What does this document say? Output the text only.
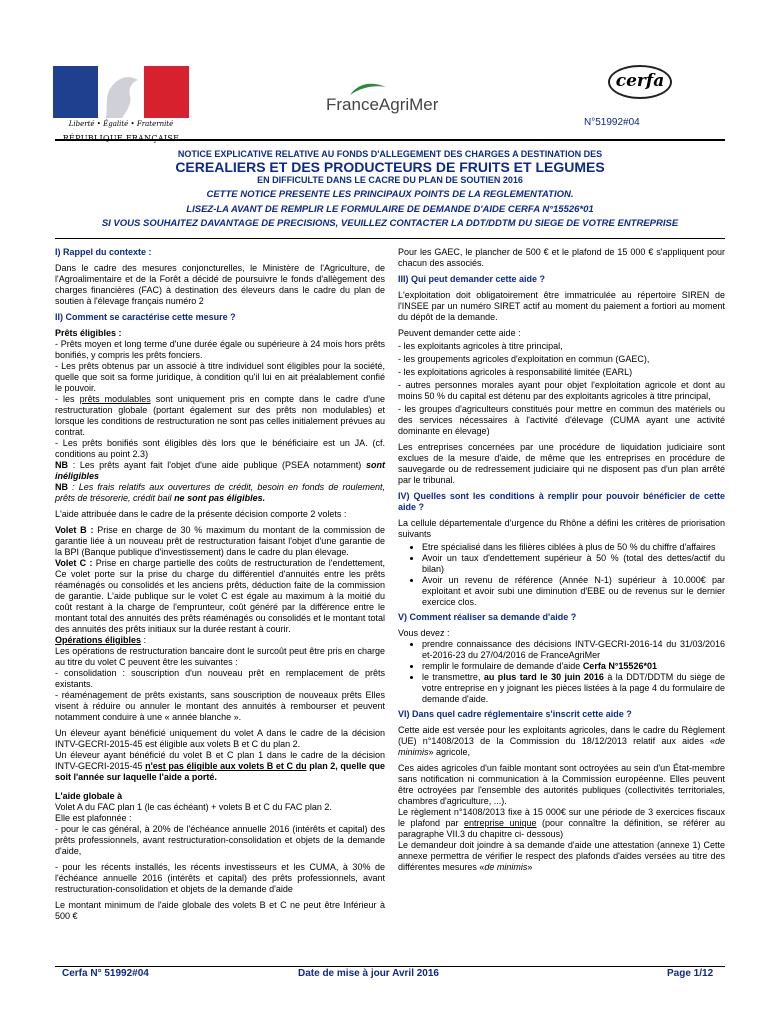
Liberté • Égalité • Fraternité
FranceAgriMer
cerfa
N°51992#04
NOTICE EXPLICATIVE RELATIVE AU FONDS D'ALLEGEMENT DES CHARGES A DESTINATION DES
CEREALIERS ET DES PRODUCTEURS DE FRUITS ET LEGUMES
EN DIFFICULTE DANS LE CACRE DU PLAN DE SOUTIEN 2016
CETTE NOTICE PRESENTE LES PRINCIPAUX POINTS DE LA REGLEMENTATION.
LISEZ-LA AVANT DE REMPLIR LE FORMULAIRE DE DEMANDE D'AIDE CERFA N°15526*01
SI VOUS SOUHAITEZ DAVANTAGE DE PRECISIONS, VEUILLEZ CONTACTER LA DDT/DDTM DU SIEGE DE VOTRE ENTREPRISE

I) Rappel du contexte :

Dans le cadre des mesures conjoncturelles, le Ministère de l'Agriculture, de l'Agroalimentaire et de la Forêt a décidé de poursuivre le fonds d'allègement des charges financières (FAC) à destination des éleveurs dans le cadre du plan de soutien à l'élevage français numéro 2

II) Comment se caractérise cette mesure ?

Prêts éligibles :

- Prêts moyen et long terme d'une durée égale ou supérieure à 24 mois hors prêts bonifiés, y compris les prêts fonciers.

- Les prêts obtenus par un associé à titre individuel sont éligibles pour la société, quelle que soit sa forme juridique, à condition qu'il lui en ait préalablement confié le pouvoir.

- les prêts modulables sont uniquement pris en compte dans le cadre d'une restructuration globale (portant également sur des prêts non modulables) et lorsque les conditions de restructuration ne sont pas celles initialement prévues au contrat.

- Les prêts bonifiés sont éligibles dès lors que le bénéficiaire est un JA. (cf. conditions au point 2.3)

NB : Les prêts ayant fait l'objet d'une aide publique (PSEA notamment) sont inéligibles

NB : Les frais relatifs aux ouvertures de crédit, besoin en fonds de roulement, prêts de trésorerie, crédit bail ne sont pas éligibles.

L'aide attribuée dans le cadre de la présente décision comporte 2 volets :

Volet B : Prise en charge de 30 % maximum du montant de la commission de garantie liée à un nouveau prêt de restructuration faisant l'objet d'une garantie de la BPI (Banque publique d'investissement) dans le cadre du plan élevage.

Volet C : Prise en charge partielle des coûts de restructuration de l'endettement, Ce volet porte sur la prise du charge du différentiel d'annuités entre les prêts réaménagés ou consolidés et les anciens prêts, déduction faite de la commission de garantie. L'aide publique sur le volet C est égale au maximum à la moitié du coût restant à la charge de l'emprunteur, coût généré par la différence entre le montant total des annuités des prêts réaménagés ou consolidés et le montant total des annuités des prêts initiaux sur la durée restant à courir.

Opérations éligibles :

Les opérations de restructuration bancaire dont le surcoût peut être pris en charge au titre du volet C peuvent être les suivantes :

- consolidation : souscription d'un nouveau prêt en remplacement de prêts existants.

- réaménagement de prêts existants, sans souscription de nouveaux prêts Elles visent à réduire ou annuler le montant des annuités à rembourser et peuvent notamment conduire à une « année blanche ».

Un éleveur ayant bénéficié uniquement du volet A dans le cadre de la décision INTV-GECRI-2015-45 est éligible aux volets B et C du plan 2.

Un éleveur ayant bénéficié du volet B et C plan 1 dans le cadre de la décision INTV-GECRI-2015-45 n'est pas éligible aux volets B et C du plan 2, quelle que soit l'année sur laquelle l'aide a porté.

L'aide globale à

Volet A du FAC plan 1 (le cas échéant) + volets B et C du FAC plan 2.

Elle est plafonnée :

- pour le cas général, à 20% de l'échéance annuelle 2016 (intérêts et capital) des prêts professionnels, avant restructuration-consolidation et objets de la demande d'aide,

- pour les récents installés, les récents investisseurs et les CUMA, à 30% de l'échéance annuelle 2016 (intérêts et capital) des prêts professionnels, avant restructuration-consolidation et objets de la demande d'aide

Le montant minimum de l'aide globale des volets B et C ne peut être Inférieur à 500 €

Pour les GAEC, le plancher de 500 € et le plafond de 15 000 € s'appliquent pour chacun des associés.

III) Qui peut demander cette aide ?

L'exploitation doit obligatoirement être immatriculée au répertoire SIREN de l'INSEE par un numéro SIRET actif au moment du paiement a fortiori au moment du dépôt de la demande.

Peuvent demander cette aide :

- les exploitants agricoles à titre principal,

- les groupements agricoles d'exploitation en commun (GAEC),

- les exploitations agricoles à responsabilité limitée (EARL)

- autres personnes morales ayant pour objet l'exploitation agricole et dont au moins 50 % du capital est détenu par des exploitants agricoles à titre principal,

- les groupes d'agriculteurs constitués pour mettre en commun des matériels ou des services nécessaires à l'activité d'élevage (CUMA ayant une activité dominante en élevage)

Les entreprises concernées par une procédure de liquidation judiciaire sont exclues de la mesure d'aide, de même que les entreprises en procédure de sauvegarde ou de redressement judiciaire qui ne disposent pas d'un plan arrêté par le tribunal.

IV) Quelles sont les conditions à remplir pour pouvoir bénéficier de cette aide ?

La cellule départementale d'urgence du Rhône a défini les critères de priorisation suivants

• Etre spécialisé dans les filières ciblées à plus de 50 % du chiffre d'affaires
• Avoir un taux d'endettement supérieur à 50 % (total des dettes/actif du bilan)
• Avoir un revenu de référence (Année N-1) supérieur à 10.000€ par exploitant et avoir subi une diminution d'EBE ou de revenus sur le dernier exercice clos.

V) Comment réaliser sa demande d'aide ?

Vous devez :

• prendre connaissance des décisions INTV-GECRI-2016-14 du 31/03/2016 et-2016-23 du 27/04/2016 de FranceAgriMer
• remplir le formulaire de demande d'aide Cerfa N°15526*01
• le transmettre, au plus tard le 30 juin 2016 à la DDT/DDTM du siège de votre entreprise en y joignant les pièces listées à la page 4 du formulaire de demande d'aide.

VI) Dans quel cadre réglementaire s'inscrit cette aide ?

Cette aide est versée pour les exploitants agricoles, dans le cadre du Règlement (UE) n°1408/2013 de la Commission du 18/12/2013 relatif aux aides «de minimis» agricole,

Ces aides agricoles d'un faible montant sont octroyées au sein d'un État-membre sans notification ni communication à la Commission européenne. Elles peuvent être octroyées par l'ensemble des autorités publiques (collectivités territoriales, chambres d'agriculture, ...).

Le règlement n°1408/2013 fixe à 15 000€ sur une période de 3 exercices fiscaux le plafond par entreprise unique (pour connaître la définition, se référer au paragraphe VII.3 du chapitre ci- dessous)

Le demandeur doit joindre à sa demande d'aide une attestation (annexe 1) Cette annexe permettra de vérifier le respect des plafonds d'aides versées au titre des différentes mesures «de minimis»

Cerfa N° 51992#04	Date de mise à jour Avril 2016	Page 1/12
